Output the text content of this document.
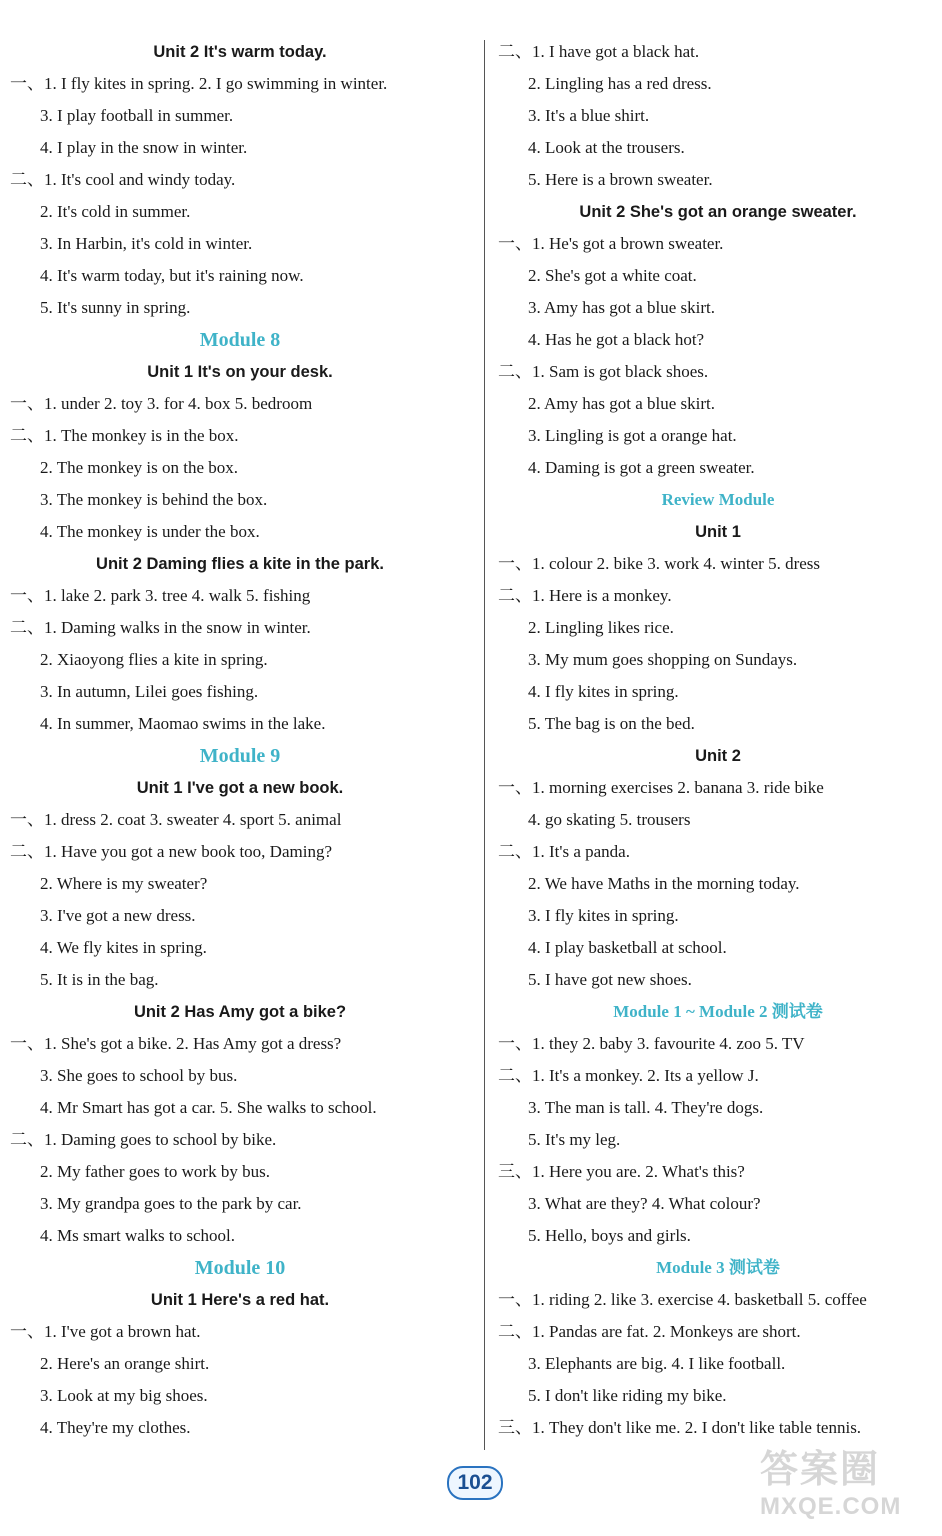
Unit 2 It's warm today.
一、1. I fly kites in spring. 2. I go swimming in winter.
3. I play football in summer.
4. I play in the snow in winter.
二、1. It's cool and windy today.
2. It's cold in summer.
3. In Harbin, it's cold in winter.
4. It's warm today, but it's raining now.
5. It's sunny in spring.
Module 8
Unit 1 It's on your desk.
一、1. under 2. toy 3. for 4. box 5. bedroom
二、1. The monkey is in the box.
2. The monkey is on the box.
3. The monkey is behind the box.
4. The monkey is under the box.
Unit 2 Daming flies a kite in the park.
一、1. lake 2. park 3. tree 4. walk 5. fishing
二、1. Daming walks in the snow in winter.
2. Xiaoyong flies a kite in spring.
3. In autumn, Lilei goes fishing.
4. In summer, Maomao swims in the lake.
Module 9
Unit 1 I've got a new book.
一、1. dress 2. coat 3. sweater 4. sport 5. animal
二、1. Have you got a new book too, Daming?
2. Where is my sweater?
3. I've got a new dress.
4. We fly kites in spring.
5. It is in the bag.
Unit 2 Has Amy got a bike?
一、1. She's got a bike. 2. Has Amy got a dress?
3. She goes to school by bus.
4. Mr Smart has got a car. 5. She walks to school.
二、1. Daming goes to school by bike.
2. My father goes to work by bus.
3. My grandpa goes to the park by car.
4. Ms smart walks to school.
Module 10
Unit 1 Here's a red hat.
一、1. I've got a brown hat.
2. Here's an orange shirt.
3. Look at my big shoes.
4. They're my clothes.
二、1. I have got a black hat.
2. Lingling has a red dress.
3. It's a blue shirt.
4. Look at the trousers.
5. Here is a brown sweater.
Unit 2 She's got an orange sweater.
一、1. He's got a brown sweater.
2. She's got a white coat.
3. Amy has got a blue skirt.
4. Has he got a black hot?
二、1. Sam is got black shoes.
2. Amy has got a blue skirt.
3. Lingling is got a orange hat.
4. Daming is got a green sweater.
Review Module
Unit 1
一、1. colour 2. bike 3. work 4. winter 5. dress
二、1. Here is a monkey.
2. Lingling likes rice.
3. My mum goes shopping on Sundays.
4. I fly kites in spring.
5. The bag is on the bed.
Unit 2
一、1. morning exercises 2. banana 3. ride bike
4. go skating 5. trousers
二、1. It's a panda.
2. We have Maths in the morning today.
3. I fly kites in spring.
4. I play basketball at school.
5. I have got new shoes.
Module 1 ~ Module 2 测试卷
一、1. they 2. baby 3. favourite 4. zoo 5. TV
二、1. It's a monkey. 2. Its a yellow J.
3. The man is tall. 4. They're dogs.
5. It's my leg.
三、1. Here you are. 2. What's this?
3. What are they? 4. What colour?
5. Hello, boys and girls.
Module 3 测试卷
一、1. riding 2. like 3. exercise 4. basketball 5. coffee
二、1. Pandas are fat. 2. Monkeys are short.
3. Elephants are big. 4. I like football.
5. I don't like riding my bike.
三、1. They don't like me. 2. I don't like table tennis.
102	答案圈
MXQE.COM
